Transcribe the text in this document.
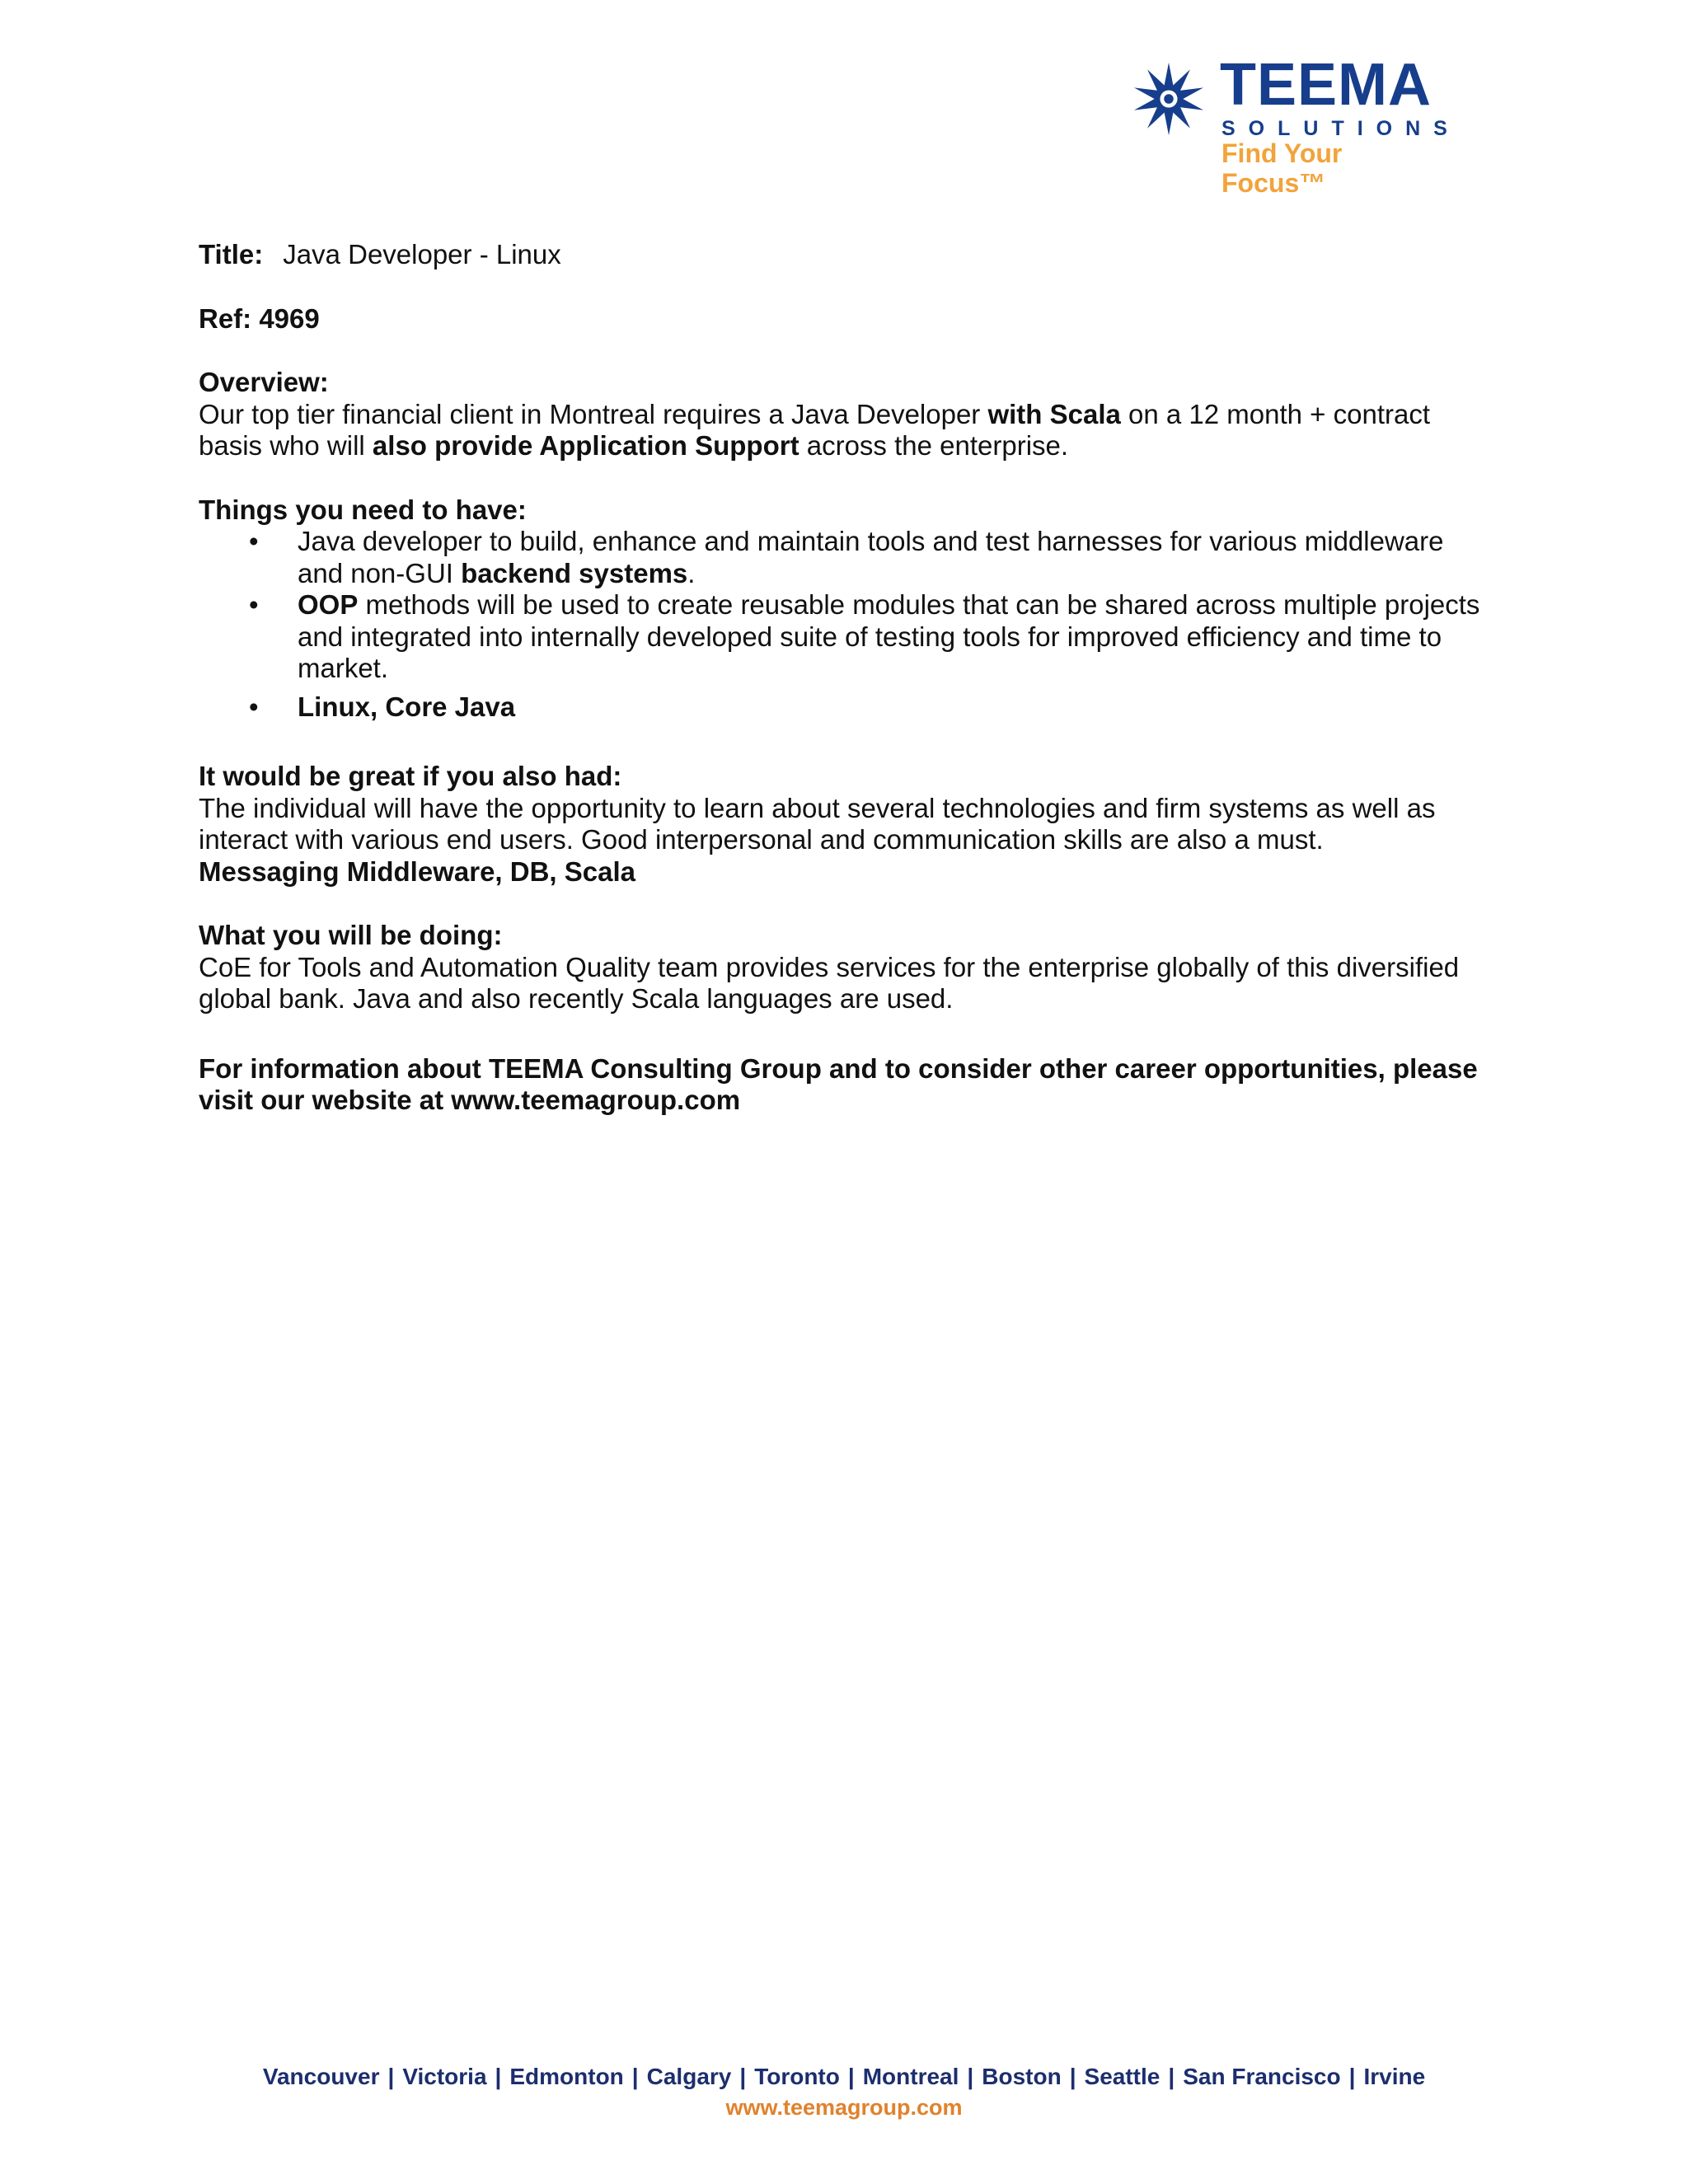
TEEMA
SOLUTIONS
Find Your Focus™

Title: Java Developer - Linux

Ref: 4969

Overview:

Our top tier financial client in Montreal requires a Java Developer with Scala on a 12 month + contract basis who will also provide Application Support across the enterprise.

Things you need to have:

• Java developer to build, enhance and maintain tools and test harnesses for various middleware and non-GUI backend systems.
• OOP methods will be used to create reusable modules that can be shared across multiple projects and integrated into internally developed suite of testing tools for improved efficiency and time to market.
• Linux, Core Java

It would be great if you also had:

The individual will have the opportunity to learn about several technologies and firm systems as well as interact with various end users. Good interpersonal and communication skills are also a must.

Messaging Middleware, DB, Scala

What you will be doing:

CoE for Tools and Automation Quality team provides services for the enterprise globally of this diversified global bank. Java and also recently Scala languages are used.

For information about TEEMA Consulting Group and to consider other career opportunities, please visit our website at www.teemagroup.com

Vancouver | Victoria | Edmonton | Calgary | Toronto | Montreal | Boston | Seattle | San Francisco | Irvine
www.teemagroup.com
